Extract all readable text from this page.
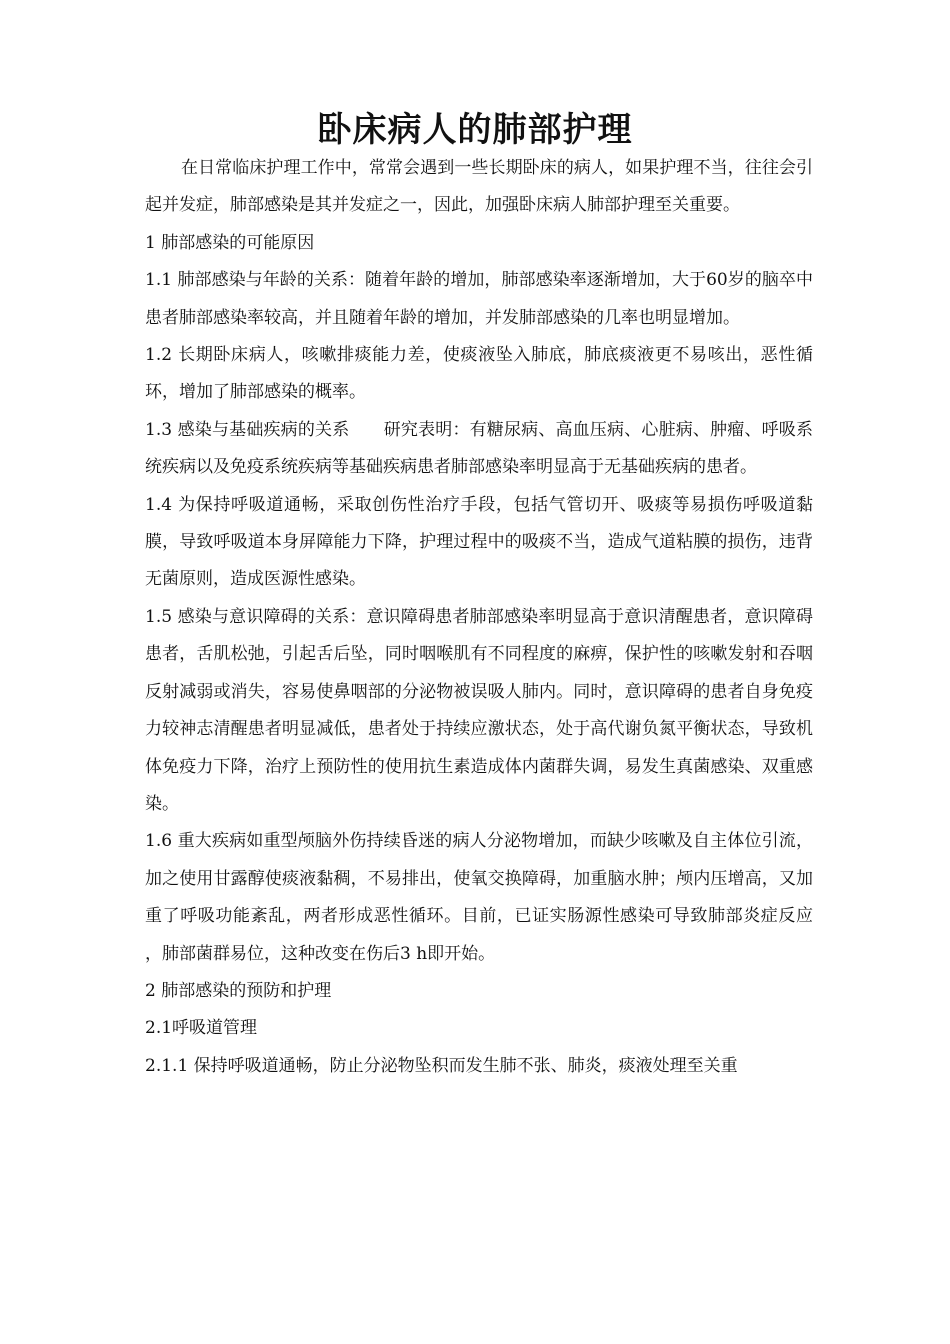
卧床病人的肺部护理

在日常临床护理工作中，常常会遇到一些长期卧床的病人，如果护理不当，往往会引起并发症，肺部感染是其并发症之一，因此，加强卧床病人肺部护理至关重要。

1 肺部感染的可能原因

1.1 肺部感染与年龄的关系：随着年龄的增加，肺部感染率逐渐增加，大于60岁的脑卒中患者肺部感染率较高，并且随着年龄的增加，并发肺部感染的几率也明显增加。

1.2 长期卧床病人，咳嗽排痰能力差，使痰液坠入肺底，肺底痰液更不易咳出，恶性循环，增加了肺部感染的概率。

1.3 感染与基础疾病的关系　　研究表明：有糖尿病、高血压病、心脏病、肿瘤、呼吸系统疾病以及免疫系统疾病等基础疾病患者肺部感染率明显高于无基础疾病的患者。

1.4 为保持呼吸道通畅，采取创伤性治疗手段，包括气管切开、吸痰等易损伤呼吸道黏膜，导致呼吸道本身屏障能力下降，护理过程中的吸痰不当，造成气道粘膜的损伤，违背无菌原则，造成医源性感染。

1.5 感染与意识障碍的关系：意识障碍患者肺部感染率明显高于意识清醒患者，意识障碍患者，舌肌松弛，引起舌后坠，同时咽喉肌有不同程度的麻痹，保护性的咳嗽发射和吞咽反射减弱或消失，容易使鼻咽部的分泌物被误吸人肺内。同时，意识障碍的患者自身免疫力较神志清醒患者明显减低，患者处于持续应激状态，处于高代谢负氮平衡状态，导致机体免疫力下降，治疗上预防性的使用抗生素造成体内菌群失调，易发生真菌感染、双重感染。

1.6 重大疾病如重型颅脑外伤持续昏迷的病人分泌物增加，而缺少咳嗽及自主体位引流，加之使用甘露醇使痰液黏稠，不易排出，使氧交换障碍，加重脑水肿；颅内压增高，又加重了呼吸功能紊乱，两者形成恶性循环。目前，已证实肠源性感染可导致肺部炎症反应 ，肺部菌群易位，这种改变在伤后3 h即开始。

2 肺部感染的预防和护理

2.1呼吸道管理

2.1.1 保持呼吸道通畅，防止分泌物坠积而发生肺不张、肺炎，痰液处理至关重
